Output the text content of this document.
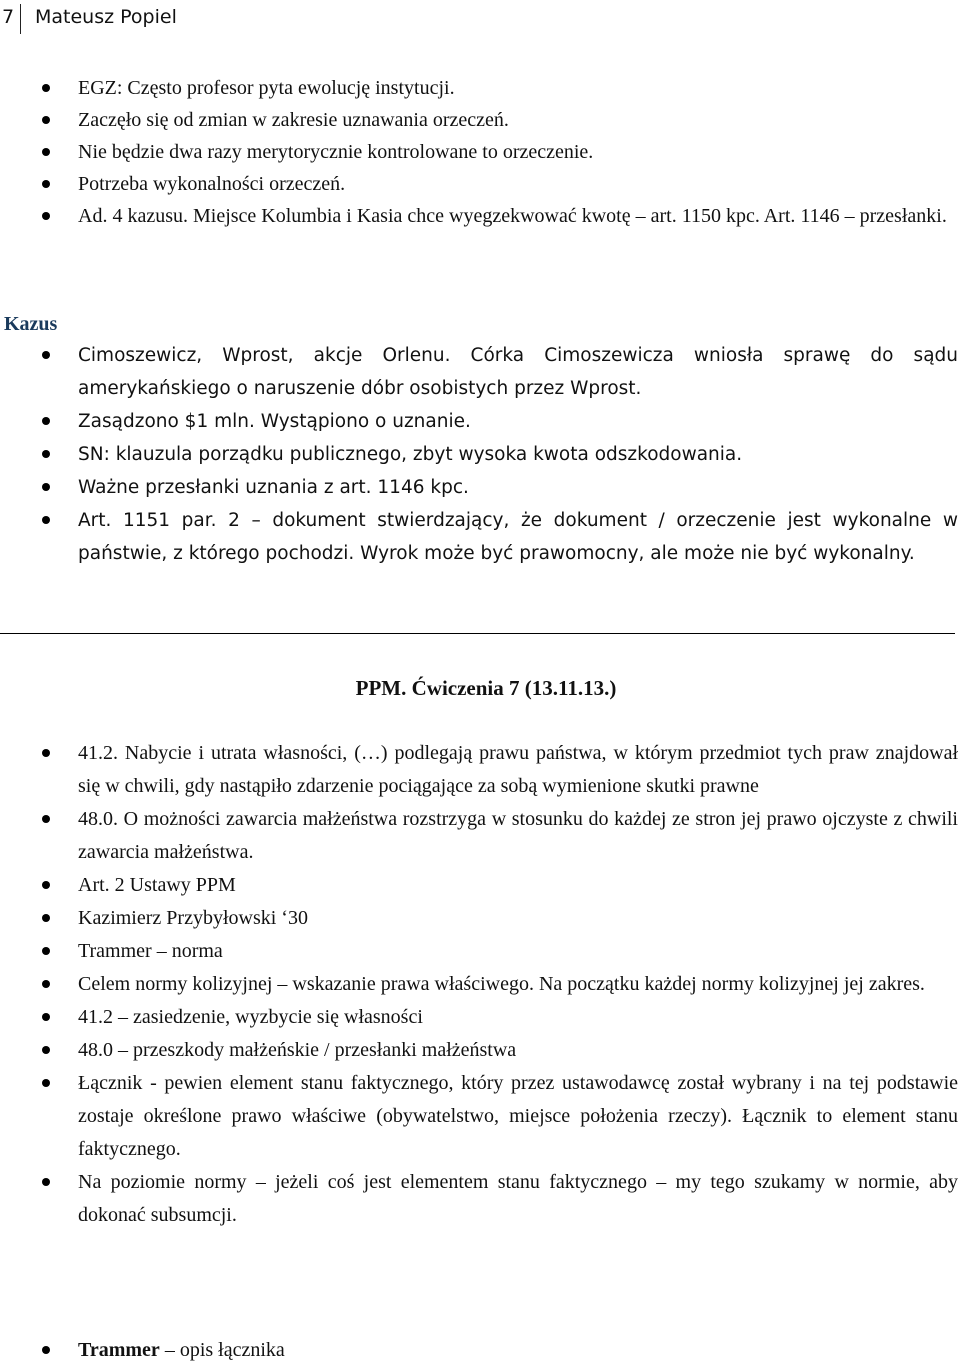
7 Mateusz Popiel
EGZ: Często profesor pyta ewolucję instytucji.
Zaczęło się od zmian w zakresie uznawania orzeczeń.
Nie będzie dwa razy merytorycznie kontrolowane to orzeczenie.
Potrzeba wykonalności orzeczeń.
Ad. 4 kazusu. Miejsce Kolumbia i Kasia chce wyegzekwować kwotę – art. 1150 kpc. Art. 1146 – przesłanki.
Kazus
Cimoszewicz, Wprost, akcje Orlenu. Córka Cimoszewicza wniosła sprawę do sądu amerykańskiego o naruszenie dóbr osobistych przez Wprost.
Zasądzono $1 mln. Wystąpiono o uznanie.
SN: klauzula porządku publicznego, zbyt wysoka kwota odszkodowania.
Ważne przesłanki uznania z art. 1146 kpc.
Art. 1151 par. 2 – dokument stwierdzający, że dokument / orzeczenie jest wykonalne w państwie, z którego pochodzi. Wyrok może być prawomocny, ale może nie być wykonalny.
PPM. Ćwiczenia 7 (13.11.13.)
41.2. Nabycie i utrata własności, (…) podlegają prawu państwa, w którym przedmiot tych praw znajdował się w chwili, gdy nastąpiło zdarzenie pociągające za sobą wymienione skutki prawne
48.0. O możności zawarcia małżeństwa rozstrzyga w stosunku do każdej ze stron jej prawo ojczyste z chwili zawarcia małżeństwa.
Art. 2 Ustawy PPM
Kazimierz Przybyłowski ‘30
Trammer – norma
Celem normy kolizyjnej – wskazanie prawa właściwego. Na początku każdej normy kolizyjnej jej zakres.
41.2 – zasiedzenie, wyzbycie się własności
48.0 – przeszkody małżeńskie / przesłanki małżeństwa
Łącznik - pewien element stanu faktycznego, który przez ustawodawcę został wybrany i na tej podstawie zostaje określone prawo właściwe (obywatelstwo, miejsce położenia rzeczy). Łącznik to element stanu faktycznego.
Na poziomie normy – jeżeli coś jest elementem stanu faktycznego – my tego szukamy w normie, aby dokonać subsumcji.
Trammer – opis łącznika
